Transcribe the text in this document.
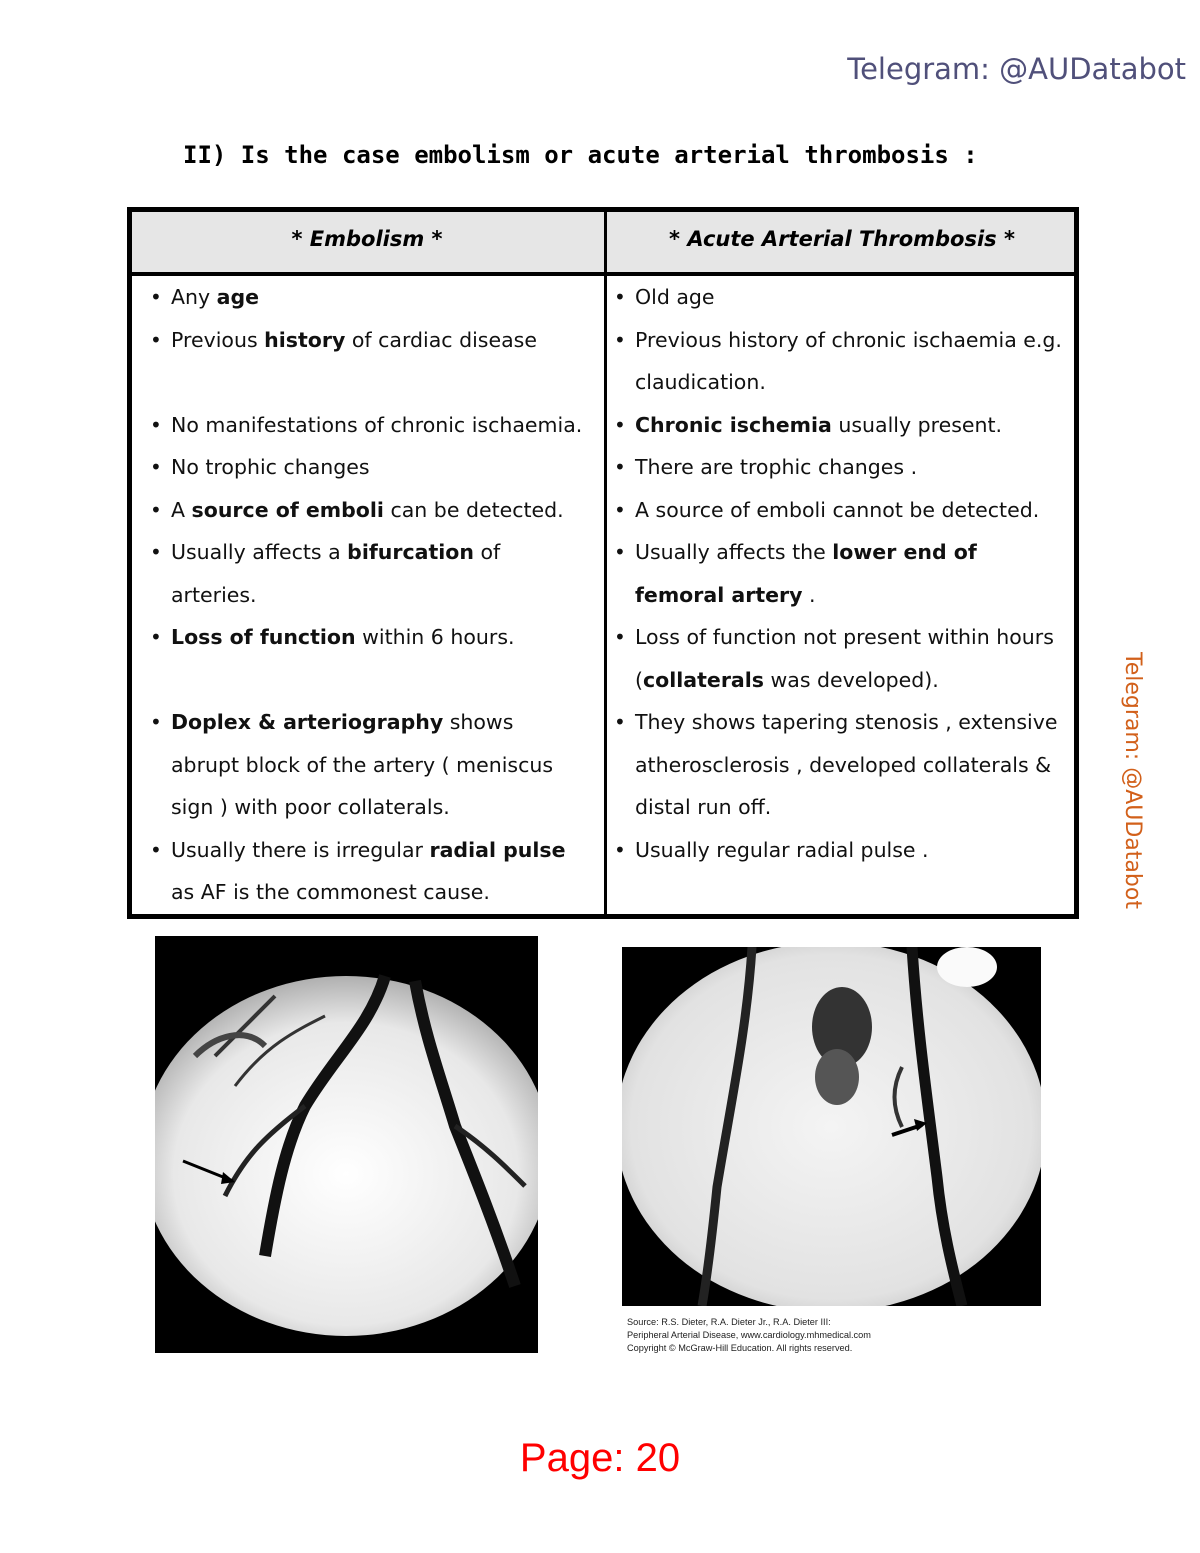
Telegram: @AUDatabot
Telegram: @AUDatabot
II) Is the case embolism or acute arterial thrombosis :
* Embolism *	* Acute Arterial Thrombosis *
• Any age
• Previous history of cardiac disease
• No manifestations of chronic ischaemia.
• No trophic changes
• A source of emboli can be detected.
• Usually affects a bifurcation of
arteries.
• Loss of function within 6 hours.
• Doplex & arteriography shows
abrupt block of the artery ( meniscus
sign ) with poor collaterals.
• Usually there is irregular radial pulse
as AF is the commonest cause.
• Old age
• Previous history of chronic ischaemia e.g.
claudication.
• Chronic ischemia usually present.
• There are trophic changes .
• A source of emboli cannot be detected.
• Usually affects the lower end of
femoral artery .
• Loss of function not present within hours
(collaterals was developed).
• They shows tapering stenosis , extensive
atherosclerosis , developed collaterals &
distal run off.
• Usually regular radial pulse .
Source: R.S. Dieter, R.A. Dieter Jr., R.A. Dieter III:
Peripheral Arterial Disease, www.cardiology.mhmedical.com
Copyright © McGraw-Hill Education. All rights reserved.
Page: 20
